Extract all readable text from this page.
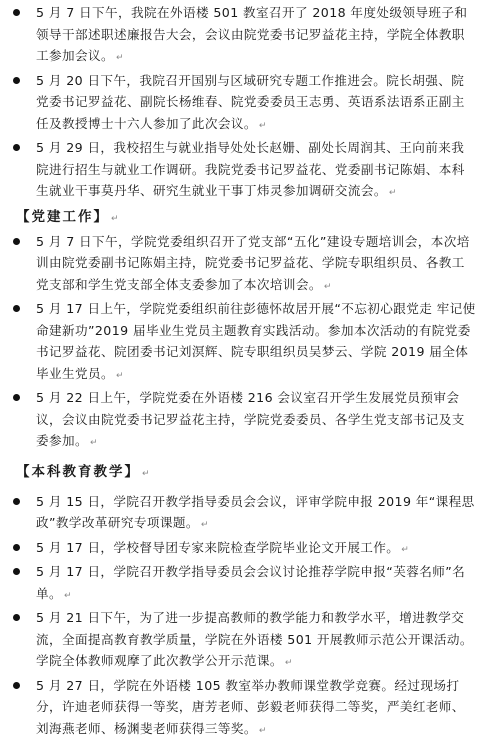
5 月 7 日下午，我院在外语楼 501 教室召开了 2018 年度处级领导班子和领导干部述职述廉报告大会，会议由院党委书记罗益花主持，学院全体教职工参加会议。 ↵
5 月 20 日下午，我院召开国别与区域研究专题工作推进会。院长胡强、院党委书记罗益花、副院长杨维春、院党委委员王志勇、英语系法语系正副主任及教授博士十六人参加了此次会议。 ↵
5 月 29 日，我校招生与就业指导处处长赵姗、副处长周润其、王向前来我院进行招生与就业工作调研。我院党委书记罗益花、党委副书记陈娟、本科生就业干事莫丹华、研究生就业干事丁炜灵参加调研交流会。 ↵
【党建工作】 ↵
5 月 7 日下午，学院党委组织召开了党支部“五化”建设专题培训会，本次培训由院党委副书记陈娟主持，院党委书记罗益花、学院专职组织员、各教工党支部和学生党支部全体支委参加了本次培训会。 ↵
5 月 17 日上午，学院党委组织前往彭德怀故居开展“不忘初心跟党走 牢记使命建新功”2019 届毕业生党员主题教育实践活动。参加本次活动的有院党委书记罗益花、院团委书记刘溟辉、院专职组织员吴梦云、学院 2019 届全体毕业生党员。 ↵
5 月 22 日上午，学院党委在外语楼 216 会议室召开学生发展党员预审会议，会议由院党委书记罗益花主持，学院党委委员、各学生党支部书记及支委参加。 ↵
【本科教育教学】 ↵
5 月 15 日，学院召开教学指导委员会会议，评审学院申报 2019 年“课程思政”教学改革研究专项课题。 ↵
5 月 17 日，学校督导团专家来院检查学院毕业论文开展工作。 ↵
5 月 17 日，学院召开教学指导委员会会议讨论推荐学院申报“芙蓉名师”名单。 ↵
5 月 21 日下午，为了进一步提高教师的教学能力和教学水平，增进教学交流，全面提高教育教学质量，学院在外语楼 501 开展教师示范公开课活动。学院全体教师观摩了此次教学公开示范课。 ↵
5 月 27 日，学院在外语楼 105 教室举办教师课堂教学竞赛。经过现场打分，许迪老师获得一等奖，唐芳老师、彭毅老师获得二等奖，严美红老师、刘海燕老师、杨渊斐老师获得三等奖。 ↵
